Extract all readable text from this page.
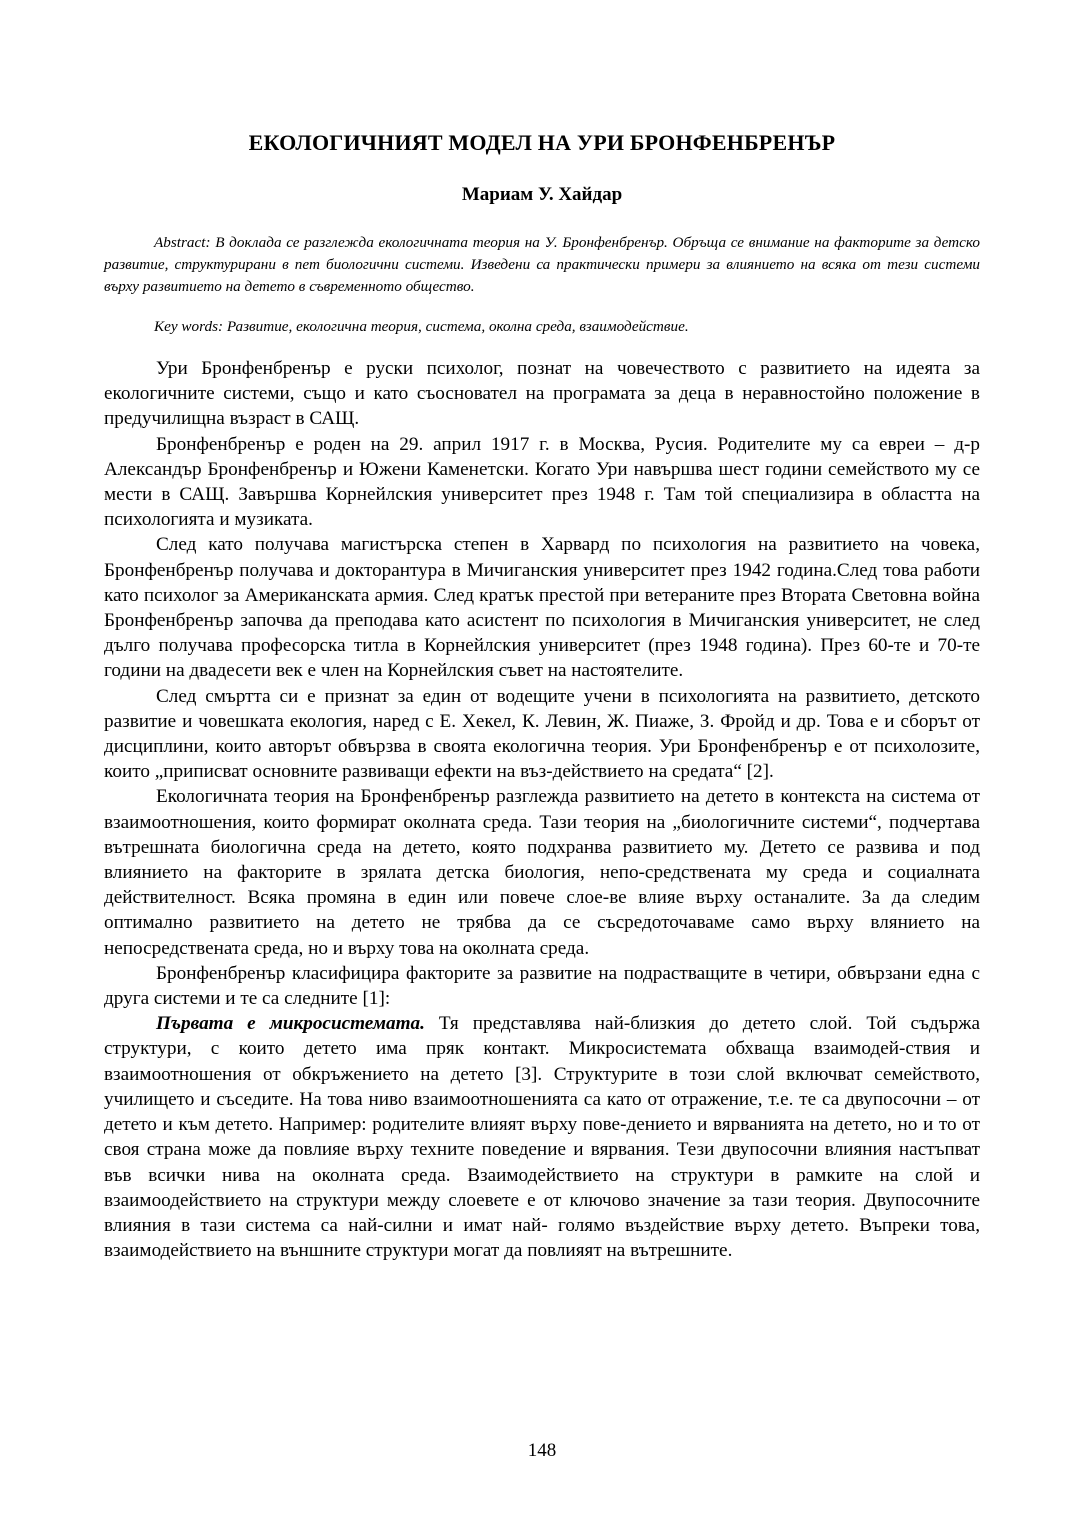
ЕКОЛОГИЧНИЯТ МОДЕЛ НА УРИ БРОНФЕНБРЕНЪР
Мариам У. Хайдар

Abstract: В доклада се разглежда екологичната теория на У. Бронфенбренър. Обръща се внимание на факторите за детско развитие, структурирани в пет биологични системи. Изведени са практически примери за влиянието на всяка от тези системи върху развитието на детето в съвременното общество.

Key words: Развитие, екологична теория, система, околна среда, взаимодействие.

Ури Бронфенбренър е руски психолог, познат на човечеството с развитието на идеята за екологичните системи, също и като съосновател на програмата за деца в неравностойно положение в предучилищна възраст в САЩ.

Бронфенбренър е роден на 29. април 1917 г. в Москва, Русия. Родителите му са евреи – д-р Александър Бронфенбренър и Южени Каменетски. Когато Ури навършва шест години семейството му се мести в САЩ. Завършва Корнейлския университет през 1948 г. Там той специализира в областта на психологията и музиката.

След като получава магистърска степен в Харвард по психология на развитието на човека, Бронфенбренър получава и докторантура в Мичиганския университет през 1942 година.След това работи като психолог за Американската армия. След кратък престой при ветераните през Втората Световна война Бронфенбренър започва да преподава като асистент по психология в Мичиганския университет, не след дълго получава професорска титла в Корнейлския университет (през 1948 година). През 60-те и 70-те години на двадесети век е член на Корнейлския съвет на настоятелите.

След смъртта си е признат за един от водещите учени в психологията на развитието, детското развитие и човешката екология, наред с Е. Хекел, К. Левин, Ж. Пиаже, З. Фройд и др. Това е и сборът от дисциплини, които авторът обвързва в своята екологична теория. Ури Бронфенбренър е от психолозите, които „приписват основните развиващи ефекти на въз-действието на средата“ [2].

Екологичната теория на Бронфенбренър разглежда развитието на детето в контекста на система от взаимоотношения, които формират околната среда. Тази теория на „биологичните системи“, подчертава вътрешната биологична среда на детето, която подхранва развитието му. Детето се развива и под влиянието на факторите в зрялата детска биология, непо-средствената му среда и социалната действителност. Всяка промяна в един или повече слое-ве влияе върху останалите. За да следим оптимално развитието на детето не трябва да се съсредоточаваме само върху влянието на непосредствената среда, но и върху това на околната среда.

Бронфенбренър класифицира факторите за развитие на подрастващите в четири, обвързани една с друга системи и те са следните [1]:

Първата е микросистемата. Тя представлява най-близкия до детето слой. Той съдържа структури, с които детето има пряк контакт. Микросистемата обхваща взаимодей-ствия и взаимоотношения от обкръжението на детето [3]. Структурите в този слой включват семейството, училището и съседите. На това ниво взаимоотношенията са като от отражение, т.е. те са двупосочни – от детето и към детето. Например: родителите влияят върху пове-дението и вярванията на детето, но и то от своя страна може да повлияе върху техните поведение и вярвания. Тези двупосочни влияния настъпват във всички нива на околната среда. Взаимодействието на структури в рамките на слой и взаимоодействието на структури между слоевете е от ключово значение за тази теория. Двупосочните влияния в тази система са най-силни и имат най- голямо въздействие върху детето. Въпреки това, взаимодействието на външните структури могат да повлияят на вътрешните.

148
